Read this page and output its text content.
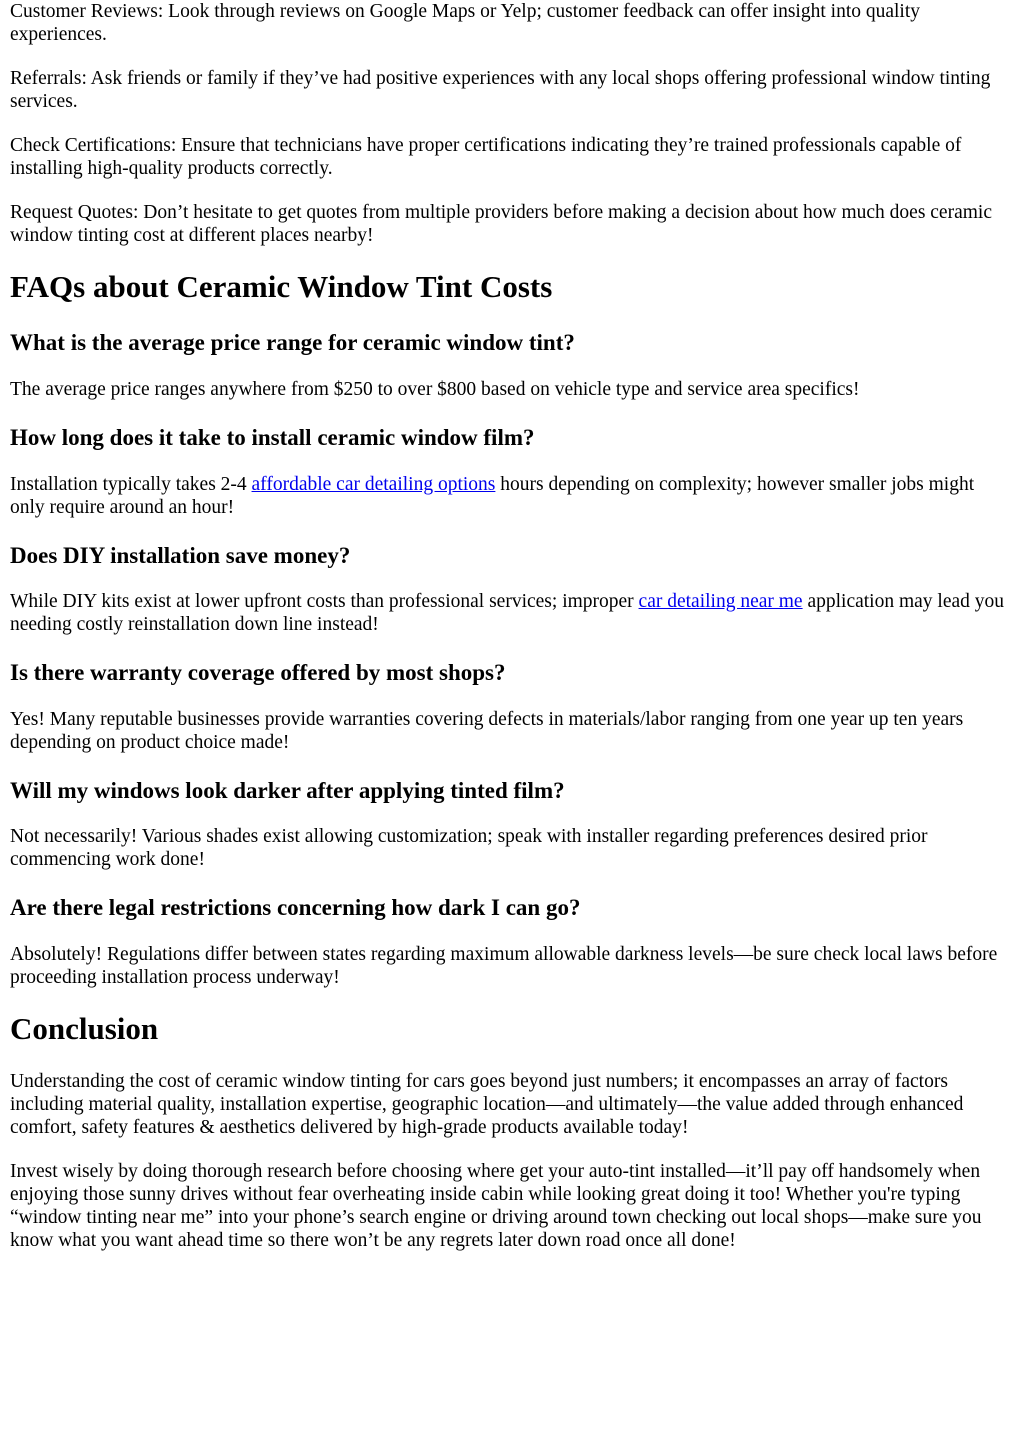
Customer Reviews: Look through reviews on Google Maps or Yelp; customer feedback can offer insight into quality experiences.

Referrals: Ask friends or family if they’ve had positive experiences with any local shops offering professional window tinting services.

Check Certifications: Ensure that technicians have proper certifications indicating they’re trained professionals capable of installing high-quality products correctly.

Request Quotes: Don’t hesitate to get quotes from multiple providers before making a decision about how much does ceramic window tinting cost at different places nearby!

FAQs about Ceramic Window Tint Costs
What is the average price range for ceramic window tint?

The average price ranges anywhere from $250 to over $800 based on vehicle type and service area specifics!

How long does it take to install ceramic window film?

Installation typically takes 2-4 affordable car detailing options hours depending on complexity; however smaller jobs might only require around an hour!

Does DIY installation save money?

While DIY kits exist at lower upfront costs than professional services; improper car detailing near me application may lead you needing costly reinstallation down line instead!

Is there warranty coverage offered by most shops?

Yes! Many reputable businesses provide warranties covering defects in materials/labor ranging from one year up ten years depending on product choice made!

Will my windows look darker after applying tinted film?

Not necessarily! Various shades exist allowing customization; speak with installer regarding preferences desired prior commencing work done!

Are there legal restrictions concerning how dark I can go?

Absolutely! Regulations differ between states regarding maximum allowable darkness levels—be sure check local laws before proceeding installation process underway!

Conclusion

Understanding the cost of ceramic window tinting for cars goes beyond just numbers; it encompasses an array of factors including material quality, installation expertise, geographic location—and ultimately—the value added through enhanced comfort, safety features & aesthetics delivered by high-grade products available today!

Invest wisely by doing thorough research before choosing where get your auto-tint installed—it’ll pay off handsomely when enjoying those sunny drives without fear overheating inside cabin while looking great doing it too! Whether you're typing “window tinting near me” into your phone’s search engine or driving around town checking out local shops—make sure you know what you want ahead time so there won’t be any regrets later down road once all done!
